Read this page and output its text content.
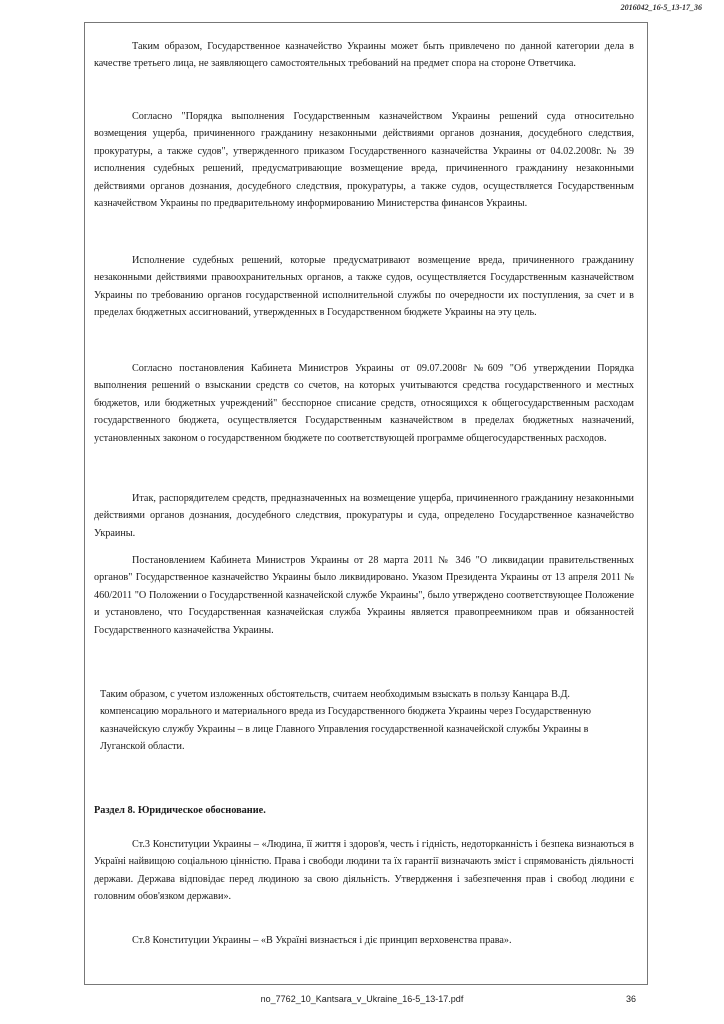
2016042_16-5_13-17_36

Таким образом, Государственное казначейство Украины может быть привлечено по данной категории дела в качестве третьего лица, не заявляющего самостоятельных требований на предмет спора на стороне Ответчика.

Согласно "Порядка выполнения Государственным казначейством Украины решений суда относительно возмещения ущерба, причиненного гражданину незаконными действиями органов дознания, досудебного следствия, прокуратуры, а также судов", утвержденного приказом Государственного казначейства Украины от 04.02.2008г. № 39 исполнения судебных решений, предусматривающие возмещение вреда, причиненного гражданину незаконными действиями органов дознания, досудебного следствия, прокуратуры, а также судов, осуществляется Государственным казначейством Украины по предварительному информированию Министерства финансов Украины.

Исполнение судебных решений, которые предусматривают возмещение вреда, причиненного гражданину незаконными действиями правоохранительных органов, а также судов, осуществляется Государственным казначейством Украины по требованию органов государственной исполнительной службы по очередности их поступления, за счет и в пределах бюджетных ассигнований, утвержденных в Государственном бюджете Украины на эту цель.

Согласно постановления Кабинета Министров Украины от 09.07.2008г №609 "Об утверждении Порядка выполнения решений о взыскании средств со счетов, на которых учитываются средства государственного и местных бюджетов, или бюджетных учреждений" бесспорное списание средств, относящихся к общегосударственным расходам государственного бюджета, осуществляется Государственным казначейством в пределах бюджетных назначений, установленных законом о государственном бюджете по соответствующей программе общегосударственных расходов.

Итак, распорядителем средств, предназначенных на возмещение ущерба, причиненного гражданину незаконными действиями органов дознания, досудебного следствия, прокуратуры и суда, определено Государственное казначейство Украины.

Постановлением Кабинета Министров Украины от 28 марта 2011 № 346 "О ликвидации правительственных органов" Государственное казначейство Украины было ликвидировано. Указом Президента Украины от 13 апреля 2011 № 460/2011 "О Положении о Государственной казначейской службе Украины", было утверждено соответствующее Положение и установлено, что Государственная казначейская служба Украины является правопреемником прав и обязанностей Государственного казначейства Украины.

Таким образом, с учетом изложенных обстоятельств, считаем необходимым взыскать в пользу Канцара В.Д. компенсацию морального и материального вреда из Государственного бюджета Украины через Государственную казначейскую службу Украины – в лице Главного Управления государственной казначейской службы Украины в Луганской области.

Раздел 8. Юридическое обоснование.

Ст.3 Конституции Украины – «Людина, її життя і здоров'я, честь і гідність, недоторканність і безпека визнаються в Україні найвищою соціальною цінністю. Права і свободи людини та їх гарантії визначають зміст і спрямованість діяльності держави. Держава відповідає перед людиною за свою діяльність. Утвердження і забезпечення прав і свобод людини є головним обов'язком держави».

Ст.8 Конституции Украины – «В Україні визнається і діє принцип верховенства права».

no_7762_10_Kantsara_v_Ukraine_16-5_13-17.pdf	36
